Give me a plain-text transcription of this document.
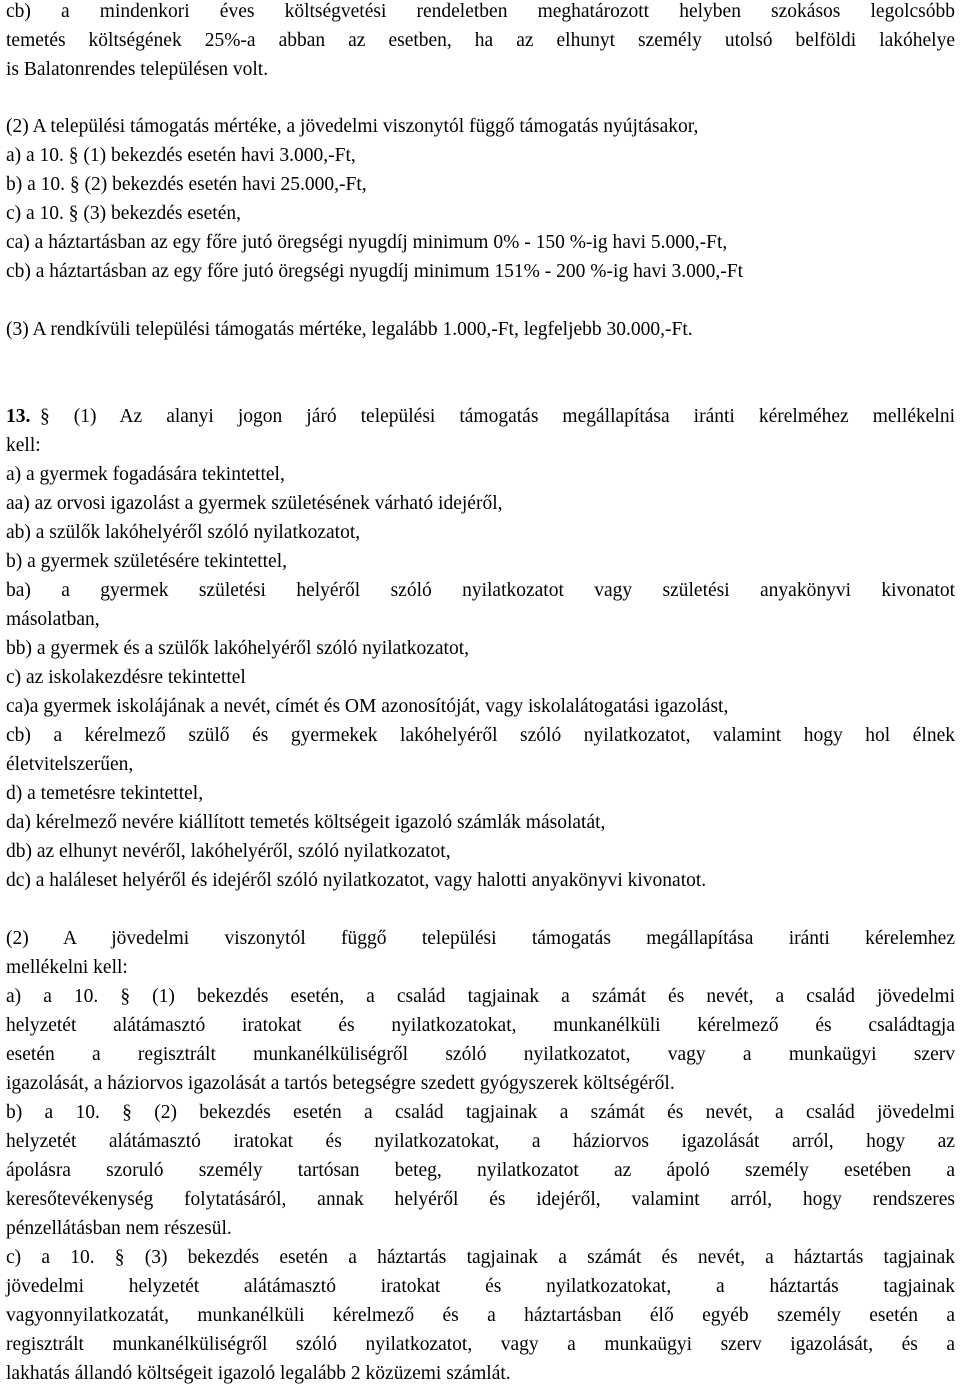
cb) a mindenkori éves költségvetési rendeletben meghatározott helyben szokásos legolcsóbb
temetés költségének 25%-a abban az esetben, ha az elhunyt személy utolsó belföldi lakóhelye
is Balatonrendes településen volt.
(2) A települési támogatás mértéke, a jövedelmi viszonytól függő támogatás nyújtásakor,
a) a 10. § (1) bekezdés esetén havi 3.000,-Ft,
b) a 10. § (2) bekezdés esetén havi 25.000,-Ft,
c) a 10. § (3) bekezdés esetén,
ca) a háztartásban az egy főre jutó öregségi nyugdíj minimum 0% - 150 %-ig havi 5.000,-Ft,
cb) a háztartásban az egy főre jutó öregségi nyugdíj minimum 151% - 200 %-ig havi 3.000,-Ft
(3) A rendkívüli települési támogatás mértéke, legalább 1.000,-Ft, legfeljebb 30.000,-Ft.
13. § (1) Az alanyi jogon járó települési támogatás megállapítása iránti kérelméhez mellékelni
kell:
a) a gyermek fogadására tekintettel,
aa) az orvosi igazolást a gyermek születésének várható idejéről,
ab) a szülők lakóhelyéről szóló nyilatkozatot,
b) a gyermek születésére tekintettel,
ba) a gyermek születési helyéről szóló nyilatkozatot vagy születési anyakönyvi kivonatot
másolatban,
bb) a gyermek és a szülők lakóhelyéről szóló nyilatkozatot,
c) az iskolakezdésre tekintettel
ca)a gyermek iskolájának a nevét, címét és OM azonosítóját, vagy iskolalátogatási igazolást,
cb) a kérelmező szülő és gyermekek lakóhelyéről szóló nyilatkozatot, valamint hogy hol élnek
életvitelszerűen,
d) a temetésre tekintettel,
da) kérelmező nevére kiállított temetés költségeit igazoló számlák másolatát,
db) az elhunyt nevéről, lakóhelyéről, szóló nyilatkozatot,
dc) a haláleset helyéről és idejéről szóló nyilatkozatot, vagy halotti anyakönyvi kivonatot.
(2) A jövedelmi viszonytól függő települési támogatás megállapítása iránti kérelemhez
mellékelni kell:
a) a 10. § (1) bekezdés esetén, a család tagjainak a számát és nevét, a család jövedelmi
helyzetét alátámasztó iratokat és nyilatkozatokat, munkanélküli kérelmező és családtagja
esetén a regisztrált munkanélküliségről szóló nyilatkozatot, vagy a munkaügyi szerv
igazolását, a háziorvos igazolását a tartós betegségre szedett gyógyszerek költségéről.
b) a 10. § (2) bekezdés esetén a család tagjainak a számát és nevét, a család jövedelmi
helyzetét alátámasztó iratokat és nyilatkozatokat, a háziorvos igazolását arról, hogy az
ápolásra szoruló személy tartósan beteg, nyilatkozatot az ápoló személy esetében a
keresőtevékenység folytatásáról, annak helyéről és idejéről, valamint arról, hogy rendszeres
pénzellátásban nem részesül.
c) a 10. § (3) bekezdés esetén a háztartás tagjainak a számát és nevét, a háztartás tagjainak
jövedelmi helyzetét alátámasztó iratokat és nyilatkozatokat, a háztartás tagjainak
vagyonnyilatkozatát, munkanélküli kérelmező és a háztartásban élő egyéb személy esetén a
regisztrált munkanélküliségről szóló nyilatkozatot, vagy a munkaügyi szerv igazolását, és a
lakhatás állandó költségeit igazoló legalább 2 közüzemi számlát.
